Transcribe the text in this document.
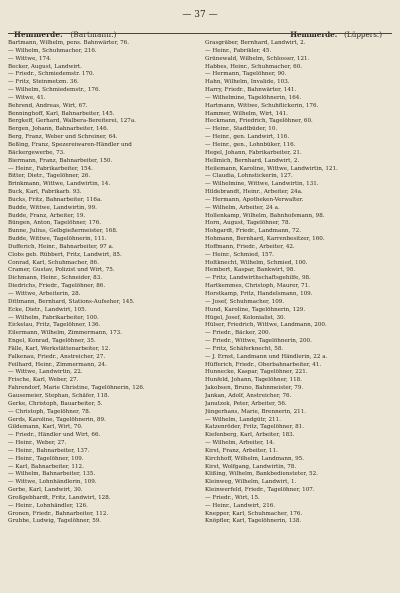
Hemmerde. (Bartmann.)
— 37 —
Hemmerde. (Lüppers.)
Bartmann, Wilhelm, pens. Bahnwärter, 76.
— Wilhelm, Schuhmacher, 216.
— Wittwe, 174.
Becker, August, Landwirt.
— Friedr., Schmiedemstr. 170.
— Fritz, Steinmetzm. 36.
— Wilhelm, Schmiedemstr., 176.
— Witwe, 41.
Behrend, Andreas, Wirt, 67.
Benninghoff, Karl, Bahnarbeiter, 145.
Bergkeff, Gerhard, Walbera-Bereiterei, 127a.
Bergen, Johann, Bahnarbeiter, 146.
Berg, Franz, Weber und Schreiner, 64.
Beßing, Franz, Spezereiwaren-Händler und
Bäckergewerbe, 73.
Biermann, Franz, Bahnarbeiter, 150.
— Heinr., Fabrikarbeiter, 154.
Bitter, Dietr., Tagelöhner, 26.
Brinkmann, Wittwe, Landwirtin, 14.
Buck, Karl, Fabrikarb. 93.
Bucks, Fritz, Bahnarbeiter, 116a.
Budde, Wittwe, Landwirtin, 99.
Budde, Franz, Arbeiter, 19.
Büngen, Anton, Tagelöhner, 176.
Bunne, Julius, Gelbgießermeister, 168.
Budde, Wittwe, Tagelöhnerin, 111.
Dufferich, Heinr., Bahnarbeiter, 97 a.
Clobs geb. Rübbert, Fritz, Landwirt, 85.
Conrad, Karl, Schuhmacher, 86.
Cramer, Gustav, Polizist und Wirt, 75.
Dichmann, Heinr., Schneider, 83.
Diedrichs, Friedr., Tagelöhner, 86.
— Wittwe, Arbeiterin, 28.
Dittmann, Bernhard, Stations-Aufseher, 145.
Ecke, Dietr., Landwirt, 105.
— Wilhelm, Fabrikarbeiter, 100.
Eickelau, Fritz, Tagelöhner, 136.
Eilermann, Wilhelm, Zimmermann, 173.
Engel, Konrad, Tagelöhner, 35.
Fälle, Karl, Werkstättenarbeiter, 12.
Falkenau, Friedr., Anstreicher, 27.
Feilhard, Heinr., Zimmermann, 24.
— Wittwe, Landwirtin, 22.
Frische, Karl, Weber, 27.
Fahrendorf, Marie Christine, Tagelöhnerin, 126.
Gausemeier, Stephan, Schäfer, 118.
Gerke, Christoph, Bauarbeiter, 5.
— Christoph, Tagelöhner, 78.
Gerds, Karoline, Tagelöhnerin, 89.
Gildemann, Karl, Wirt, 70.
— Friedr., Händler und Wirt, 66.
— Heinr., Weber, 27.
— Heinr., Bahnarbeiter, 137.
— Heinr., Tagelöhner, 109.
— Karl, Bahnarbeiter, 112.
— Wilhelm, Bahnarbeiter, 135.
— Wittwe, Lohnhändlerin, 109.
Gerbe, Karl, Landwirt, 30.
Großgebhardt, Fritz, Landwirt, 128.
— Heinr., Lohnhändler, 126.
Gronen, Friedr., Bahnarbeiter, 112.
Grubbe, Ludwig, Tagelöhner, 59.
Grasgräber, Bernhard, Landwirt, 2.
— Heinr., Fabrikler, 45.
Grünewald, Wilhelm, Schlosser, 121.
Habbes, Heinr., Schuhmacher, 60.
— Hermann, Tagelöhner, 90.
Hahn, Wilhelm, Invalide, 103.
Harry, Friedr., Bahnwärter, 141.
— Wilhelmine, Tagelöhnerin, 164.
Hartmann, Wittwe, Schuhflickerin, 176.
Hammer, Wilhelm, Wirt, 141.
Heckmann, Friedrich, Tagelöhner, 60.
— Heinr., Stadtbüder, 10.
— Heinr., gen. Landwirt, 116.
— Heinr., gen., Lohnbüker, 116.
Hegel, Johann, Fabrikarbeiter, 21.
Hellmich, Bernhard, Landwirt, 2.
Heilemann, Karoline, Wittwe, Landwirtin, 121.
— Claudia, Lohnstickerin, 127.
— Wilhelmine, Wittwe, Landwirtin, 131.
Hildebrandt, Heinr., Arbeiter, 24a.
— Hermann, Apotheken-Verwalter.
— Wilhelm, Arbeiter, 24 a.
Hollenkamp, Wilhelm, Bahnhofsmann, 98.
Horn, August, Tagelöhner, 78.
Hohgardt, Friedr., Landmann, 72.
Hohmann, Bernhard, Karrenbesitzer, 160.
Hoffmann, Friedr., Arbeiter, 42.
— Heinr., Schmied, 157.
Holtknecht, Wilhelm, Schmied, 100.
Hembert, Kaspar, Bankwirt, 98.
— Fritz, Landwirthschaftsgehilfe, 98.
Hartkemmes, Christoph, Maurer, 71.
Horstkamp, Fritz, Handelsmann, 109.
— Josef, Schuhmacher, 109.
Hund, Karoline, Tagelöhnerin, 129.
Hügel, Josef, Kolonialist, 30.
Hülser, Friedrich, Wittwe, Landmann, 200.
— Friedr., Bäcker, 200.
— Friedr., Wittwe, Tagelöhnerin, 200.
— Fritz, Schäferknecht, 58.
— J. Ernst, Landmann und Händlerin, 22 a.
Hüfferich, Friedr., Oberbahnarbeiter, 41.
Hunnecke, Kaspar, Tagelöhner, 221.
Hunfeld, Johann, Tagelöhner, 118.
Jakobsen, Bruno, Bahnmeister, 79.
Jankan, Adolf, Anstreicher, 76.
Janutzek, Peter, Arbeiter, 56.
Jüngerhans, Marie, Brennerin, 211.
— Wilhelm, Landgütr, 211.
Katzenröder, Fritz, Tagelöhner, 81.
Kiefenberg, Karl, Arbeiter, 183.
— Wilhelm, Arbeiter, 14.
Kirst, Franz, Arbeiter, 11.
Kirchhoff, Wilhelm, Landmann, 95.
Kirst, Wolfgang, Landwirtin, 78.
Klißing, Wilhelm, Bankbediensteter, 52.
Kleinweg, Wilhelm, Landwirt, 1.
Kleinwerfeld, Friedr., Tagelöhner, 107.
— Friedr., Wirt, 15.
— Heinr., Landwirt, 216.
Knepper, Karl, Schuhmacher, 176.
Knöpfler, Karl, Tagelöhnerin, 138.
